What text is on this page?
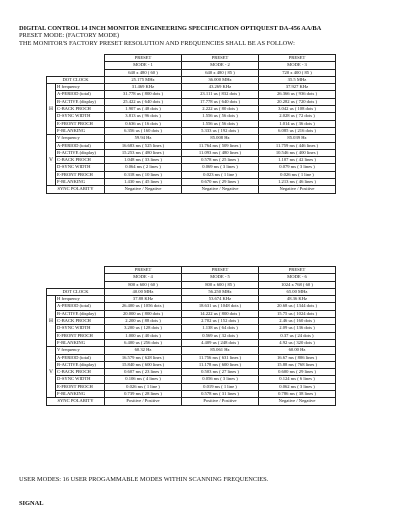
DIGITAL CONTROL 14 INCH MONITOR ENGINEERING SPECIFICATION OPTIQUEST DA-456 AA/BA
PRESET MODE: (FACTORY MODE)
THE MONITOR'S FACTORY PRESET RESOLUTION AND FREQUENCIES SHALL BE AS FOLLOW:
		PRESET	PRESET	PRESET
		MODE - 1	MODE - 2	MODE - 3
		640 x 480 ( 60 )	640 x 480 ( 85 )	720 x 400 ( 85 )
DOT CLOCK		25.175 MHz	36.000 MHz	35.5 MHz
H	H frequency	31.469 KHz	43.269 KHz	37.927 KHz
	A-PERIOD (total)	31.778 us ( 800 dots )	23.111 us ( 832 dots )	26.366 us ( 936 dots )
	B-ACTIVE (display)	25.422 us ( 640 dots )	17.778 us ( 640 dots )	20.282 us ( 720 dots )
	C-BACK PROCH	1.907 us ( 48 dots )	2.222 us ( 80 dots )	3.042 us ( 108 dots )
	D-SYNC WIDTH	3.813 us ( 96 dots )	1.556 us ( 56 dots )	2.028 us ( 72 dots )
	E-FRONT PROCH	0.636 us ( 16 dots )	1.556 us ( 56 dots )	1.014 us ( 36 dots )
	F-BLANKING	6.356 us ( 160 dots )	5.333 us ( 192 dots )	6.085 us ( 216 dots )
V	V frequency	59.94 Hz	85.008 Hz	85.039 Hz
	A-PERIOD (total)	16.683 ms ( 525 lines )	11.764 ms ( 509 lines )	11.759 ms ( 446 lines )
	B-ACTIVE (display)	15.253 ms ( 480 lines )	11.093 ms ( 480 lines )	10.546 ms ( 400 lines )
	C-BACK PROCH	1.048 ms ( 33 lines )	0.578 ms ( 25 lines )	1.107 ms ( 42 lines )
	D-SYNC WIDTH	0.064 ms ( 2 lines )	0.069 ms ( 3 lines )	0.079 ms ( 3 lines )
	E-FRONT PROCH	0.318 ms ( 10 lines )	0.023 ms ( 1 line )	0.026 ms ( 1 line )
	F-BLANKING	1.430 ms ( 45 lines )	0.670 ms ( 29 lines )	1.213 ms ( 46 lines )
SYNC POLARITY		Negative / Negative	Negative / Negative	Negative / Positive
		PRESET	PRESET	PRESET
		MODE - 4	MODE - 5	MODE - 6
		800 x 600 ( 60 )	800 x 600 ( 85 )	1024 x 768 ( 60 )
DOT CLOCK		40.00 MHz	56.250 MHz	65.00 MHz
H	H frequency	37.88 KHz	53.674 KHz	48.36 KHz
	A-PERIOD (total)	26.400 us ( 1056 dots )	18.631 us ( 1048 dots )	20.68 us ( 1344 dots )
	B-ACTIVE (display)	20.000 us ( 800 dots )	14.222 us ( 800 dots )	15.75 us ( 1024 dots )
	C-BACK PROCH	2.200 us ( 88 dots )	2.702 us ( 152 dots )	2.46 us ( 160 dots )
	D-SYNC WIDTH	3.200 us ( 128 dots )	1.138 us ( 64 dots )	2.09 us ( 136 dots )
	E-FRONT PROCH	1.000 us ( 40 dots )	0.569 us ( 32 dots )	0.37 us ( 24 dots )
	F-BLANKING	6.400 us ( 256 dots )	4.409 us ( 248 dots )	4.92 us ( 320 dots )
V	V frequency	60.32 Hz	85.061 Hz	60.00 Hz
	A-PERIOD (total)	16.579 ms ( 628 lines )	11.756 ms ( 631 lines )	16.67 ms ( 806 lines )
	B-ACTIVE (display)	15.840 ms ( 600 lines )	11.178 ms ( 600 lines )	15.88 ms ( 768 lines )
	C-BACK PROCH	0.607 ms ( 23 lines )	0.503 ms ( 27 lines )	0.600 ms ( 29 lines )
	D-SYNC WIDTH	0.106 ms ( 4 lines )	0.056 ms ( 3 lines )	0.124 ms ( 6 lines )
	E-FRONT PROCH	0.026 ms ( 1 line )	0.019 ms ( 1 line )	0.062 ms ( 3 lines )
	F-BLANKING	0.739 ms ( 28 lines )	0.578 ms ( 31 lines )	0.786 ms ( 38 lines )
SYNC POLARITY		Positive / Positive	Positive / Positive	Negative / Negative
USER MODES: 16 USER PROGAMMABLE MODES WITHIN SCANNING FREQUENCIES.
SIGNAL
